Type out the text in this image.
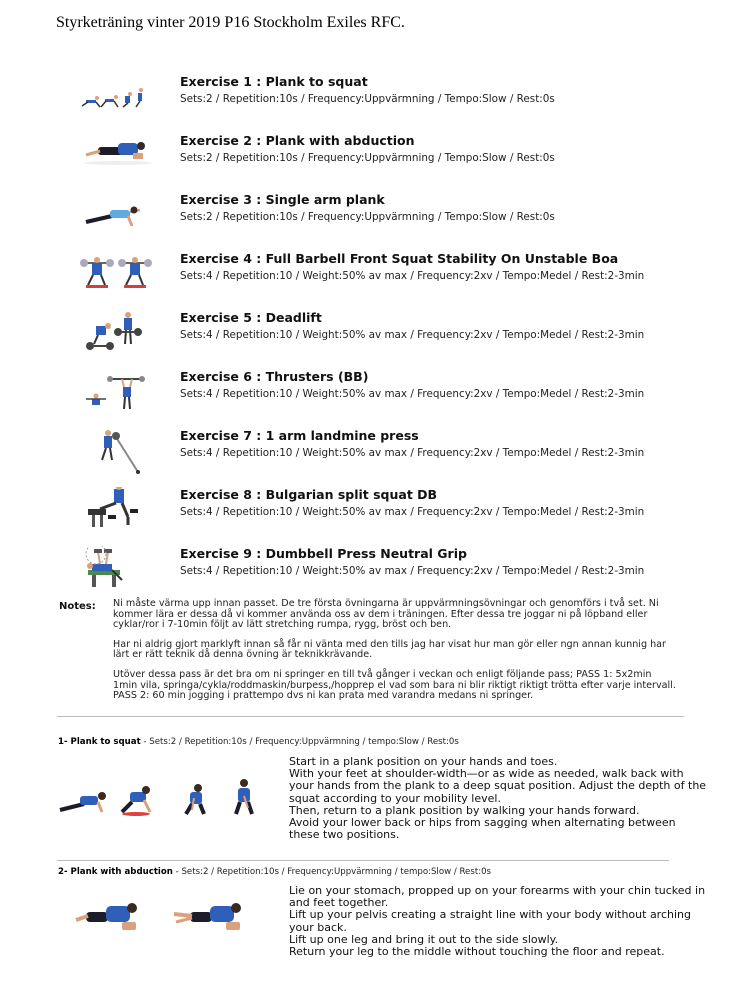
Styrketräning vinter 2019 P16 Stockholm Exiles RFC.
Exercise 1 : Plank to squat
Sets:2 / Repetition:10s / Frequency:Uppvärmning / Tempo:Slow / Rest:0s
Exercise 2 : Plank with abduction
Sets:2 / Repetition:10s / Frequency:Uppvärmning / Tempo:Slow / Rest:0s
Exercise 3 : Single arm plank
Sets:2 / Repetition:10s / Frequency:Uppvärmning / Tempo:Slow / Rest:0s
Exercise 4 : Full Barbell Front Squat Stability On Unstable Boa
Sets:4 / Repetition:10 / Weight:50% av max / Frequency:2xv / Tempo:Medel / Rest:2-3min
Exercise 5 : Deadlift
Sets:4 / Repetition:10 / Weight:50% av max / Frequency:2xv / Tempo:Medel / Rest:2-3min
Exercise 6 : Thrusters (BB)
Sets:4 / Repetition:10 / Weight:50% av max / Frequency:2xv / Tempo:Medel / Rest:2-3min
Exercise 7 : 1 arm landmine press
Sets:4 / Repetition:10 / Weight:50% av max / Frequency:2xv / Tempo:Medel / Rest:2-3min
Exercise 8 : Bulgarian split squat DB
Sets:4 / Repetition:10 / Weight:50% av max / Frequency:2xv / Tempo:Medel / Rest:2-3min
Exercise 9 : Dumbbell Press Neutral Grip
Sets:4 / Repetition:10 / Weight:50% av max / Frequency:2xv / Tempo:Medel / Rest:2-3min
Notes: Ni måste värma upp innan passet. De tre första övningarna är uppvärmningsövningar och genomförs i två set. Ni kommer lära er dessa då vi kommer använda oss av dem i träningen. Efter dessa tre joggar ni på löpband eller cyklar/ror i 7-10min följt av lätt stretching rumpa, rygg, bröst och ben.

Har ni aldrig gjort marklyft innan så får ni vänta med den tills jag har visat hur man gör eller ngn annan kunnig har lärt er rätt teknik då denna övning är teknikkrävande.

Utöver dessa pass är det bra om ni springer en till två gånger i veckan och enligt följande pass; PASS 1: 5x2min 1min vila, springa/cykla/roddmaskin/burpess,/hopprep el vad som bara ni blir riktigt riktigt trötta efter varje intervall. PASS 2: 60 min jogging i prattempo dvs ni kan prata med varandra medans ni springer.

1- Plank to squat - Sets:2 / Repetition:10s / Frequency:Uppvärmning / tempo:Slow / Rest:0s
Start in a plank position on your hands and toes.
With your feet at shoulder-width—or as wide as needed, walk back with your hands from the plank to a deep squat position. Adjust the depth of the squat according to your mobility level.
Then, return to a plank position by walking your hands forward.
Avoid your lower back or hips from sagging when alternating between these two positions.
2- Plank with abduction - Sets:2 / Repetition:10s / Frequency:Uppvärmning / tempo:Slow / Rest:0s
Lie on your stomach, propped up on your forearms with your chin tucked in and feet together.
Lift up your pelvis creating a straight line with your body without arching your back.
Lift up one leg and bring it out to the side slowly.
Return your leg to the middle without touching the floor and repeat.
